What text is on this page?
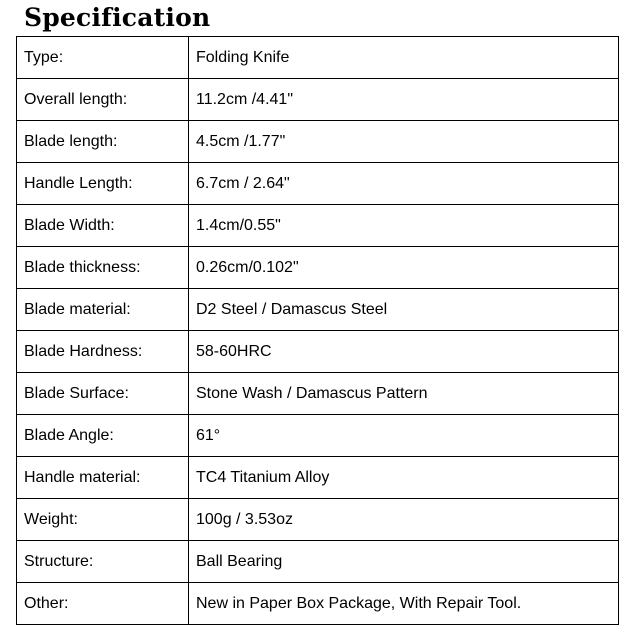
Specification
Type:	Folding Knife
Overall length:	11.2cm /4.41"
Blade length:	4.5cm /1.77"
Handle Length:	6.7cm / 2.64"
Blade Width:	1.4cm/0.55"
Blade thickness:	0.26cm/0.102"
Blade material:	D2 Steel / Damascus Steel
Blade Hardness:	58-60HRC
Blade Surface:	Stone Wash / Damascus Pattern
Blade Angle:	61°
Handle material:	TC4 Titanium Alloy
Weight:	100g / 3.53oz
Structure:	Ball Bearing
Other:	New in Paper Box Package, With Repair Tool.
